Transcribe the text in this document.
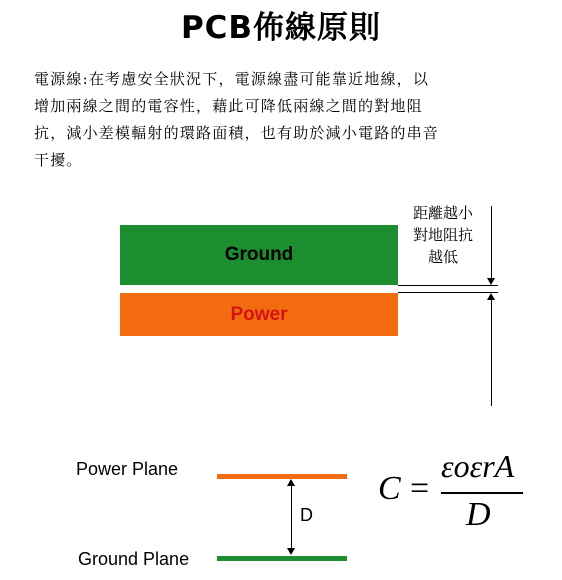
PCB佈線原則
電源線:在考慮安全狀況下，電源線盡可能靠近地線，以
增加兩線之間的電容性，藉此可降低兩線之間的對地阻
抗，減小差模輻射的環路面積，也有助於減小電路的串音
干擾。
Ground
Power
距離越小
對地阻抗
越低
Power Plane
Ground Plane
D
C =
εoεrA
D
